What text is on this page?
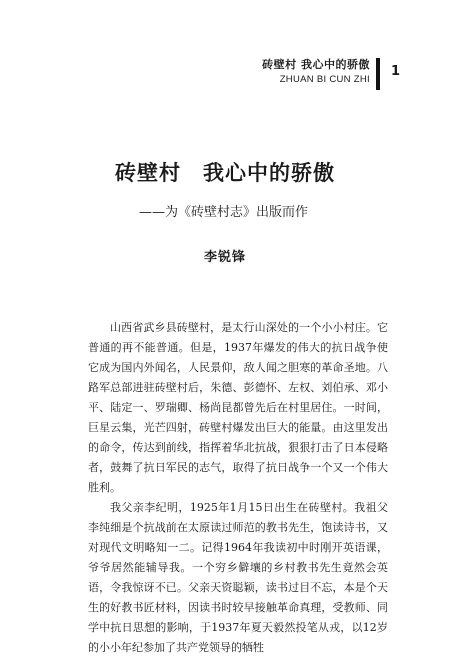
砖壁村 我心中的骄傲
ZHUAN BI CUN ZHI
1
砖壁村 我心中的骄傲
——为《砖壁村志》出版而作
李锐锋

山西省武乡县砖壁村，是太行山深处的一个小小村庄。它普通的再不能普通。但是，1937年爆发的伟大的抗日战争使它成为国内外闻名，人民景仰，敌人闻之胆寒的革命圣地。八路军总部进驻砖壁村后，朱德、彭德怀、左权、刘伯承、邓小平、陆定一、罗瑞卿、杨尚昆都曾先后在村里居住。一时间，巨星云集，光芒四射，砖壁村爆发出巨大的能量。由这里发出的命令，传达到前线，指挥着华北抗战，狠狠打击了日本侵略者，鼓舞了抗日军民的志气，取得了抗日战争一个又一个伟大胜利。

我父亲李纪明，1925年1月15日出生在砖壁村。我祖父李纯细是个抗战前在太原读过师范的教书先生，饱读诗书，又对现代文明略知一二。记得1964年我读初中时刚开英语课，爷爷居然能辅导我。一个穷乡僻壤的乡村教书先生竟然会英语，令我惊讶不已。父亲天资聪颖，读书过目不忘，本是个天生的好教书匠材料，因读书时较早接触革命真理，受教师、同学中抗日思想的影响，于1937年夏天毅然投笔从戎，以12岁的小小年纪参加了共产党领导的牺牲
